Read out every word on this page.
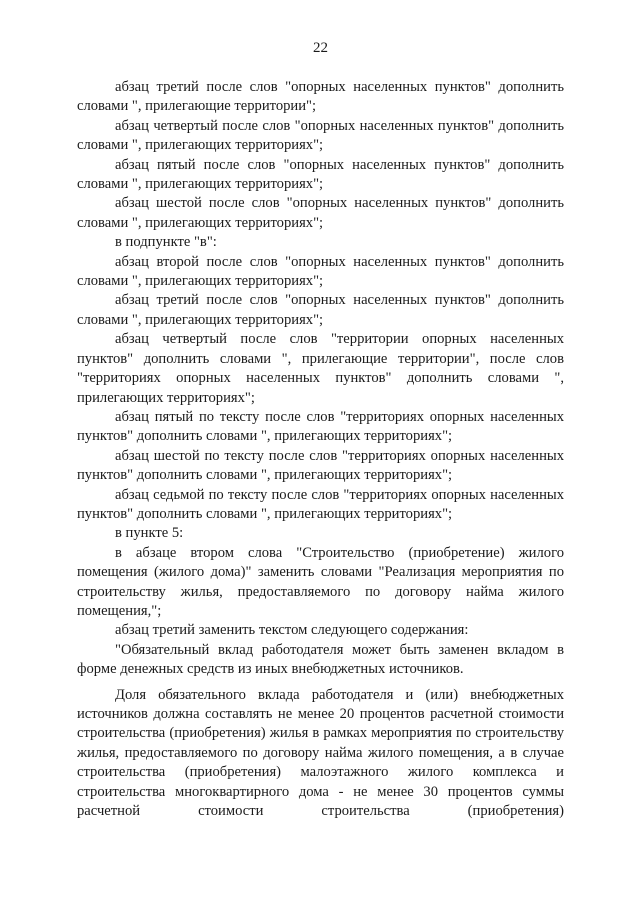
22

абзац третий после слов "опорных населенных пунктов" дополнить словами ", прилегающие территории";

абзац четвертый после слов "опорных населенных пунктов" дополнить словами ", прилегающих территориях";

абзац пятый после слов "опорных населенных пунктов" дополнить словами ", прилегающих территориях";

абзац шестой после слов "опорных населенных пунктов" дополнить словами ", прилегающих территориях";

в подпункте "в":

абзац второй после слов "опорных населенных пунктов" дополнить словами ", прилегающих территориях";

абзац третий после слов "опорных населенных пунктов" дополнить словами ", прилегающих территориях";

абзац четвертый после слов "территории опорных населенных пунктов" дополнить словами ", прилегающие территории", после слов "территориях опорных населенных пунктов" дополнить словами ", прилегающих территориях";

абзац пятый по тексту после слов "территориях опорных населенных пунктов" дополнить словами ", прилегающих территориях";

абзац шестой по тексту после слов "территориях опорных населенных пунктов" дополнить словами ", прилегающих территориях";

абзац седьмой по тексту после слов "территориях опорных населенных пунктов" дополнить словами ", прилегающих территориях";

в пункте 5:

в абзаце втором слова "Строительство (приобретение) жилого помещения (жилого дома)" заменить словами "Реализация мероприятия по строительству жилья, предоставляемого по договору найма жилого помещения,";

абзац третий заменить текстом следующего содержания:

"Обязательный вклад работодателя может быть заменен вкладом в форме денежных средств из иных внебюджетных источников.

Доля обязательного вклада работодателя и (или) внебюджетных источников должна составлять не менее 20 процентов расчетной стоимости строительства (приобретения) жилья в рамках мероприятия по строительству жилья, предоставляемого по договору найма жилого помещения, а в случае строительства (приобретения) малоэтажного жилого комплекса и строительства многоквартирного дома - не менее 30 процентов суммы расчетной стоимости строительства (приобретения)
